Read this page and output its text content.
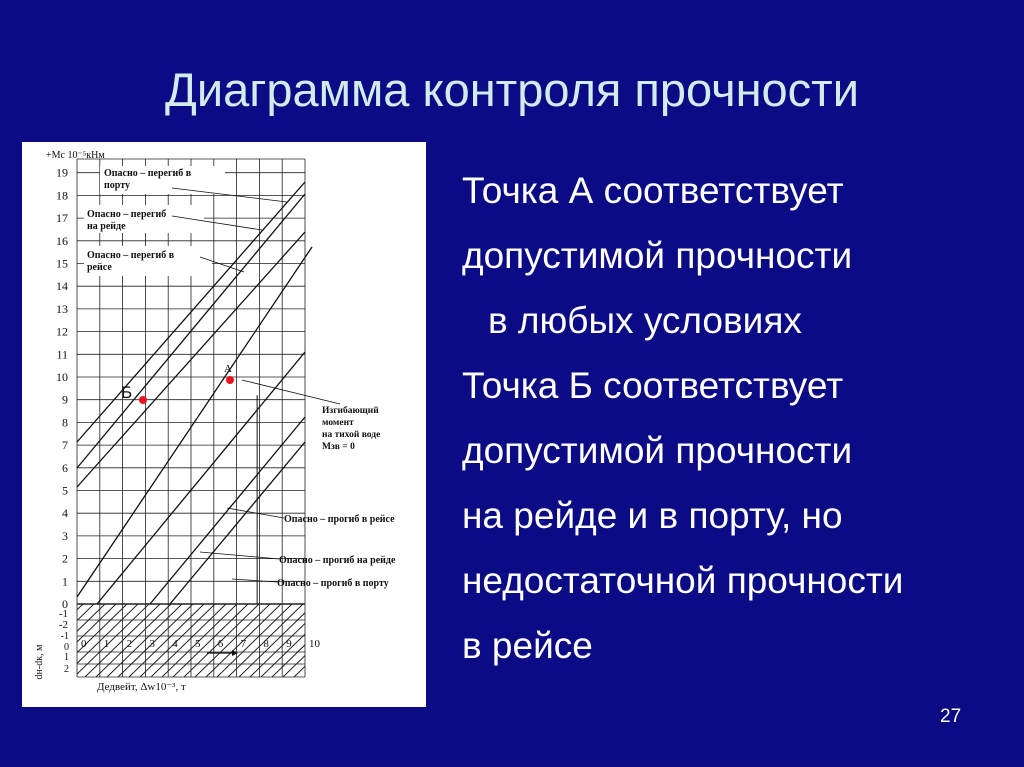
Диаграмма контроля прочности
19
18
17
16
15
14
13
12
11
10
9
8
7
6
5
4
3
2
1
0
-2
-1
-1
0
1
2
dн-dк, м
+Мс 10⁻⁵кНм
0 1 2 3 4 5 6 7 8 9 10
Дедвейт, Δw10⁻³, т
Опасно – перегиб в
порту
Опасно – перегиб
на рейде
Опасно – перегиб в
рейсе
Изгибающий
момент
на тихой воде
Мзв = 0
Опасно – прогиб в рейсе
Опасно – прогиб на рейде
Опасно – прогиб в порту
А
Б
Точка А соответствует
допустимой прочности
в любых условиях
Точка Б соответствует
допустимой прочности
на рейде и в порту, но
недостаточной прочности
в рейсе
27
